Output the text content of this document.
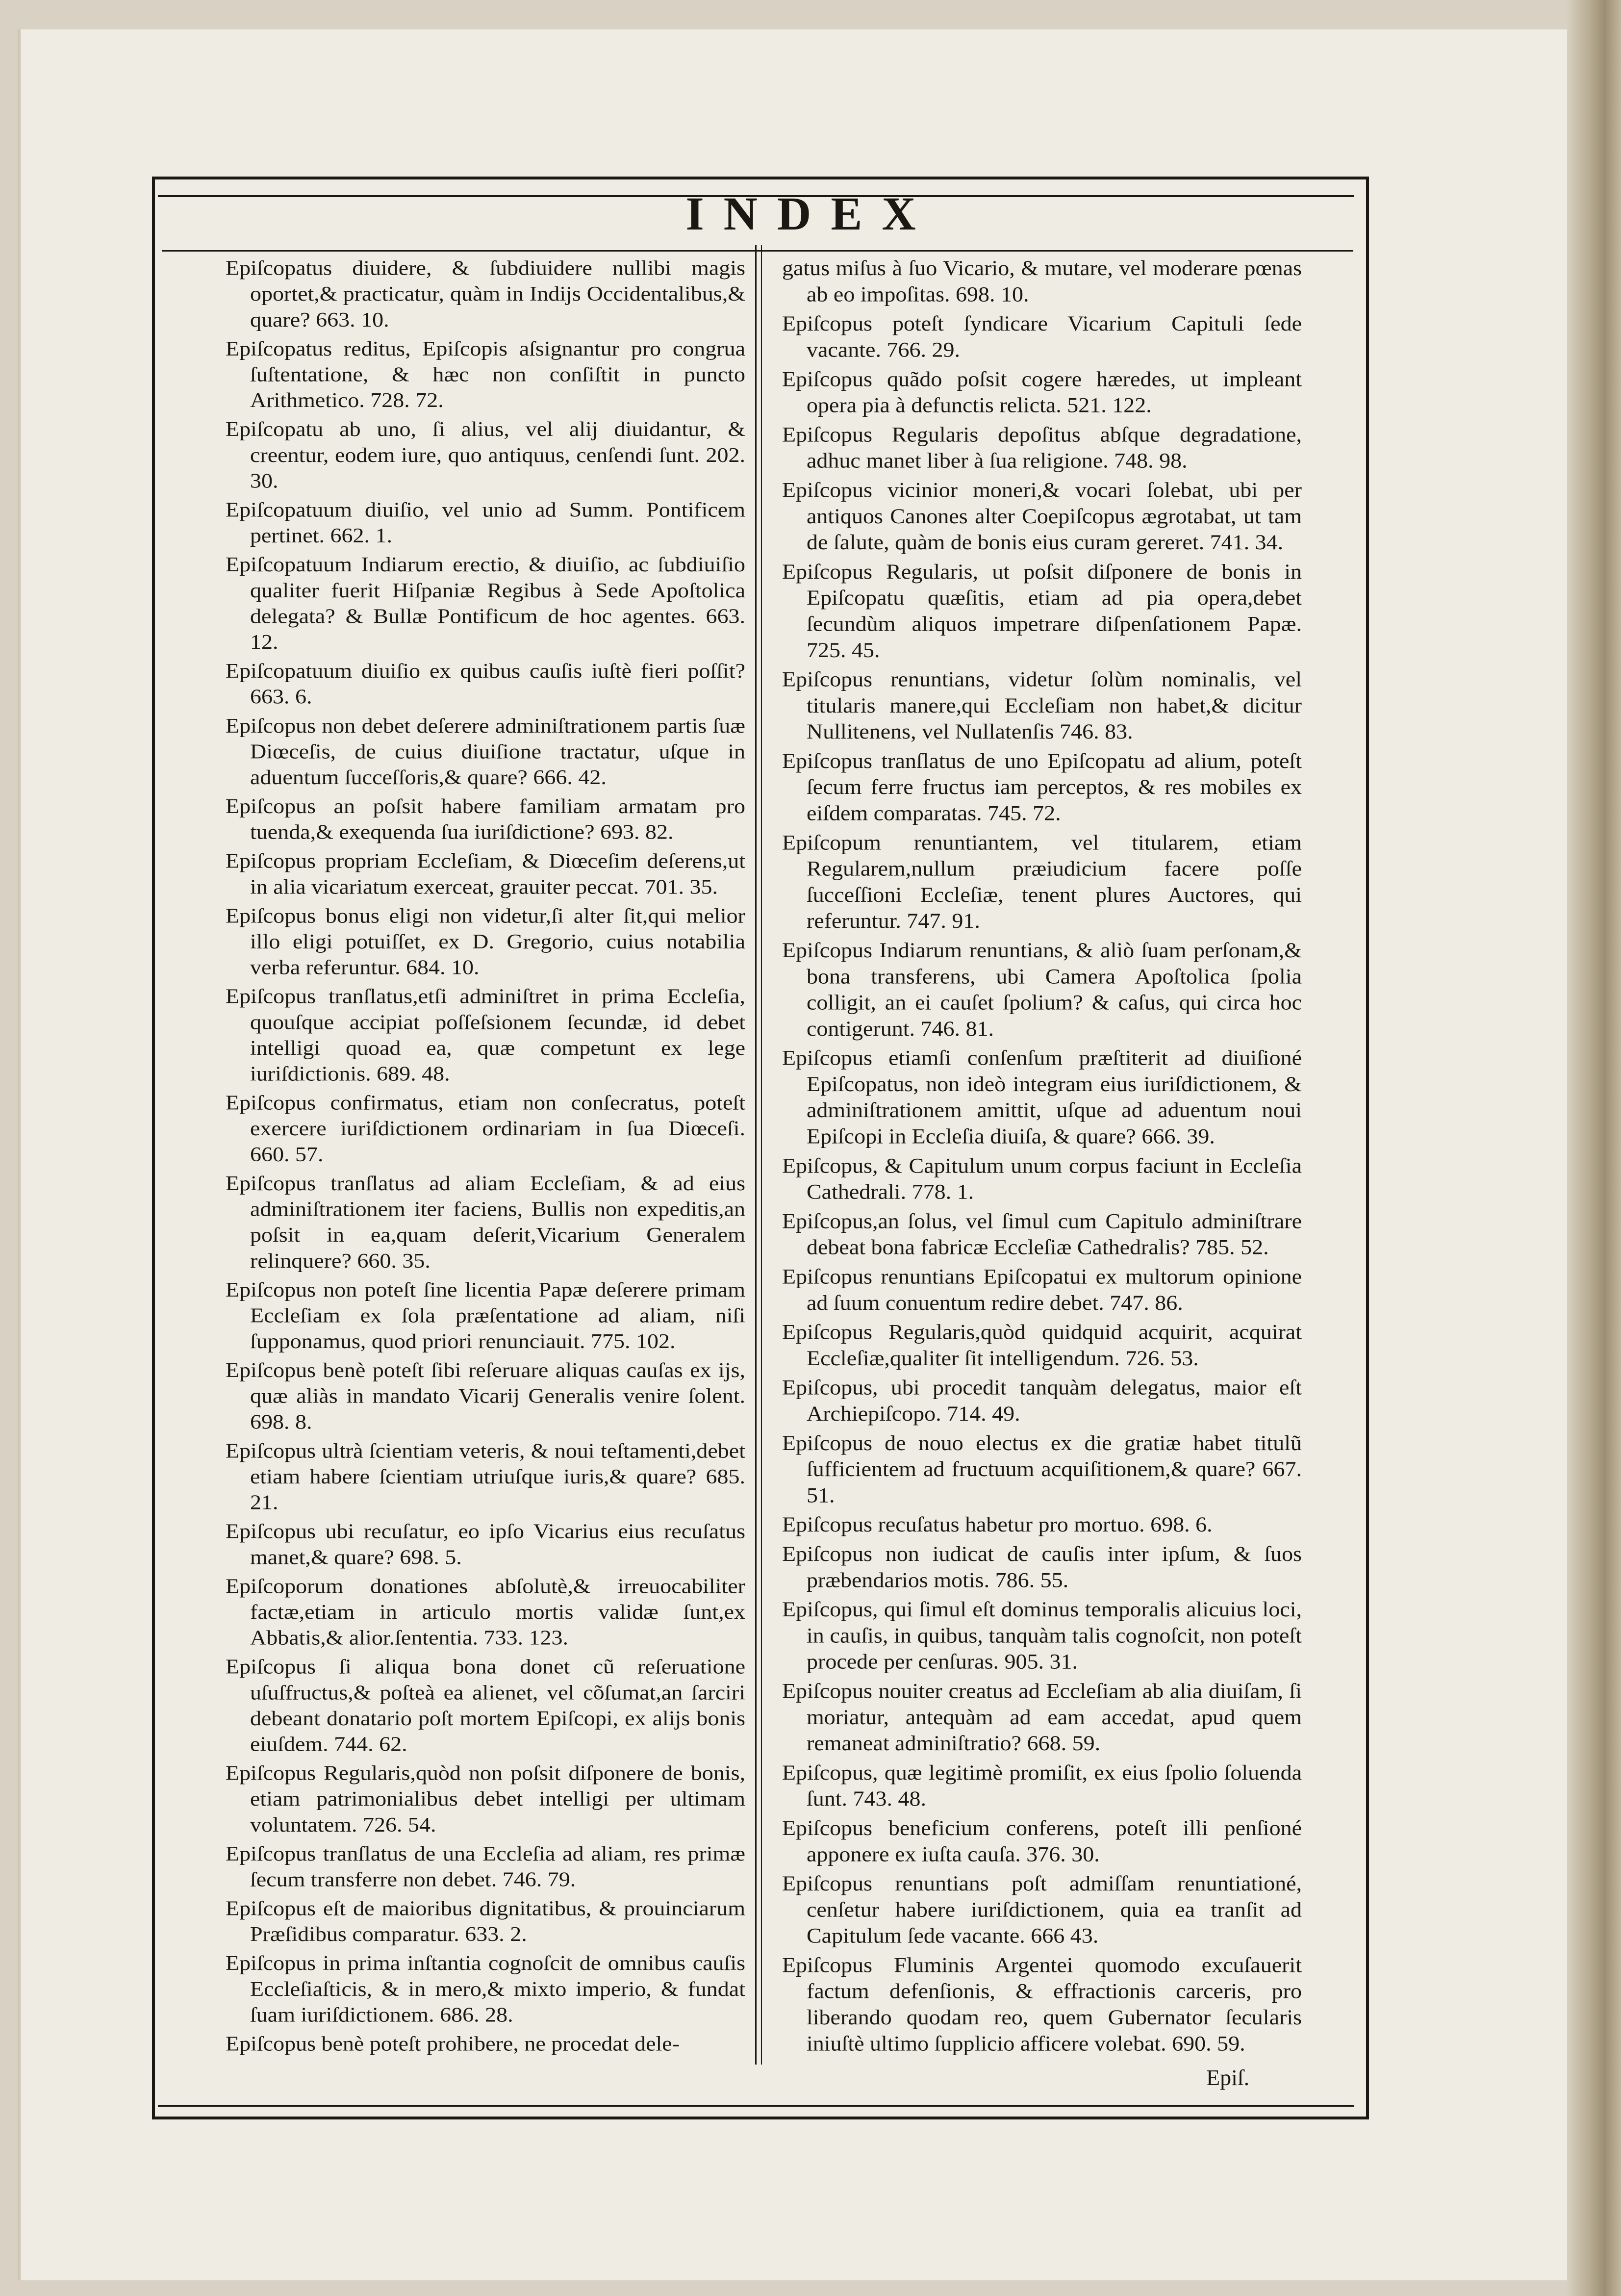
INDEX
Epiſcopatus diuidere, & ſubdiuidere nullibi magis oportet,& practicatur, quàm in Indijs Occidentalibus,& quare? 663. 10.
Epiſcopatus reditus, Epiſcopis aſsignantur pro congrua ſuſtentatione, & hæc non conſiſtit in puncto Arithmetico. 728. 72.
Epiſcopatu ab uno, ſi alius, vel alij diuidantur, & creentur, eodem iure, quo antiquus, cenſendi ſunt. 202. 30.
Epiſcopatuum diuiſio, vel unio ad Summ. Pontificem pertinet. 662. 1.
Epiſcopatuum Indiarum erectio, & diuiſio, ac ſubdiuiſio qualiter fuerit Hiſpaniæ Regibus à Sede Apoſtolica delegata? & Bullæ Pontificum de hoc agentes. 663. 12.
Epiſcopatuum diuiſio ex quibus cauſis iuſtè fieri poſſit? 663. 6.
Epiſcopus non debet deſerere adminiſtrationem partis ſuæ Diœceſis, de cuius diuiſione tractatur, uſque in aduentum ſucceſſoris,& quare? 666. 42.
Epiſcopus an poſsit habere familiam armatam pro tuenda,& exequenda ſua iuriſdictione? 693. 82.
Epiſcopus propriam Eccleſiam, & Diœceſim deſerens,ut in alia vicariatum exerceat, grauiter peccat. 701. 35.
Epiſcopus bonus eligi non videtur,ſi alter ſit,qui melior illo eligi potuiſſet, ex D. Gregorio, cuius notabilia verba referuntur. 684. 10.
Epiſcopus tranſlatus,etſi adminiſtret in prima Eccleſia, quouſque accipiat poſſeſsionem ſecundæ, id debet intelligi quoad ea, quæ competunt ex lege iuriſdictionis. 689. 48.
Epiſcopus confirmatus, etiam non conſecratus, poteſt exercere iuriſdictionem ordinariam in ſua Diœceſi. 660. 57.
Epiſcopus tranſlatus ad aliam Eccleſiam, & ad eius adminiſtrationem iter faciens, Bullis non expeditis,an poſsit in ea,quam deſerit,Vicarium Generalem relinquere? 660. 35.
Epiſcopus non poteſt ſine licentia Papæ deſerere primam Eccleſiam ex ſola præſentatione ad aliam, niſi ſupponamus, quod priori renunciauit. 775. 102.
Epiſcopus benè poteſt ſibi reſeruare aliquas cauſas ex ijs, quæ aliàs in mandato Vicarij Generalis venire ſolent. 698. 8.
Epiſcopus ultrà ſcientiam veteris, & noui teſtamenti,debet etiam habere ſcientiam utriuſque iuris,& quare? 685. 21.
Epiſcopus ubi recuſatur, eo ipſo Vicarius eius recuſatus manet,& quare? 698. 5.
Epiſcoporum donationes abſolutè,& irreuocabiliter factæ,etiam in articulo mortis validæ ſunt,ex Abbatis,& alior.ſententia. 733. 123.
Epiſcopus ſi aliqua bona donet cũ reſeruatione uſuſfructus,& poſteà ea alienet, vel cõſumat,an ſarciri debeant donatario poſt mortem Epiſcopi, ex alijs bonis eiuſdem. 744. 62.
Epiſcopus Regularis,quòd non poſsit diſponere de bonis, etiam patrimonialibus debet intelligi per ultimam voluntatem. 726. 54.
Epiſcopus tranſlatus de una Eccleſia ad aliam, res primæ ſecum transferre non debet. 746. 79.
Epiſcopus eſt de maioribus dignitatibus, & prouinciarum Præſidibus comparatur. 633. 2.
Epiſcopus in prima inſtantia cognoſcit de omnibus cauſis Eccleſiaſticis, & in mero,& mixto imperio, & fundat ſuam iuriſdictionem. 686. 28.
Epiſcopus benè poteſt prohibere, ne procedat dele-
gatus miſus à ſuo Vicario, & mutare, vel moderare pœnas ab eo impoſitas. 698. 10.
Epiſcopus poteſt ſyndicare Vicarium Capituli ſede vacante. 766. 29.
Epiſcopus quãdo poſsit cogere hæredes, ut impleant opera pia à defunctis relicta. 521. 122.
Epiſcopus Regularis depoſitus abſque degradatione, adhuc manet liber à ſua religione. 748. 98.
Epiſcopus vicinior moneri,& vocari ſolebat, ubi per antiquos Canones alter Coepiſcopus ægrotabat, ut tam de ſalute, quàm de bonis eius curam gereret. 741. 34.
Epiſcopus Regularis, ut poſsit diſponere de bonis in Epiſcopatu quæſitis, etiam ad pia opera,debet ſecundùm aliquos impetrare diſpenſationem Papæ. 725. 45.
Epiſcopus renuntians, videtur ſolùm nominalis, vel titularis manere,qui Eccleſiam non habet,& dicitur Nullitenens, vel Nullatenſis 746. 83.
Epiſcopus tranſlatus de uno Epiſcopatu ad alium, poteſt ſecum ferre fructus iam perceptos, & res mobiles ex eiſdem comparatas. 745. 72.
Epiſcopum renuntiantem, vel titularem, etiam Regularem,nullum præiudicium facere poſſe ſucceſſioni Eccleſiæ, tenent plures Auctores, qui referuntur. 747. 91.
Epiſcopus Indiarum renuntians, & aliò ſuam perſonam,& bona transferens, ubi Camera Apoſtolica ſpolia colligit, an ei cauſet ſpolium? & caſus, qui circa hoc contigerunt. 746. 81.
Epiſcopus etiamſi conſenſum præſtiterit ad diuiſioné Epiſcopatus, non ideò integram eius iuriſdictionem, & adminiſtrationem amittit, uſque ad aduentum noui Epiſcopi in Eccleſia diuiſa, & quare? 666. 39.
Epiſcopus, & Capitulum unum corpus faciunt in Eccleſia Cathedrali. 778. 1.
Epiſcopus,an ſolus, vel ſimul cum Capitulo adminiſtrare debeat bona fabricæ Eccleſiæ Cathedralis? 785. 52.
Epiſcopus renuntians Epiſcopatui ex multorum opinione ad ſuum conuentum redire debet. 747. 86.
Epiſcopus Regularis,quòd quidquid acquirit, acquirat Eccleſiæ,qualiter ſit intelligendum. 726. 53.
Epiſcopus, ubi procedit tanquàm delegatus, maior eſt Archiepiſcopo. 714. 49.
Epiſcopus de nouo electus ex die gratiæ habet titulũ ſufficientem ad fructuum acquiſitionem,& quare? 667. 51.
Epiſcopus recuſatus habetur pro mortuo. 698. 6.
Epiſcopus non iudicat de cauſis inter ipſum, & ſuos præbendarios motis. 786. 55.
Epiſcopus, qui ſimul eſt dominus temporalis alicuius loci, in cauſis, in quibus, tanquàm talis cognoſcit, non poteſt procede per cenſuras. 905. 31.
Epiſcopus nouiter creatus ad Eccleſiam ab alia diuiſam, ſi moriatur, antequàm ad eam accedat, apud quem remaneat adminiſtratio? 668. 59.
Epiſcopus, quæ legitimè promiſit, ex eius ſpolio ſoluenda ſunt. 743. 48.
Epiſcopus beneficium conferens, poteſt illi penſioné apponere ex iuſta cauſa. 376. 30.
Epiſcopus renuntians poſt admiſſam renuntiationé, cenſetur habere iuriſdictionem, quia ea tranſit ad Capitulum ſede vacante. 666 43.
Epiſcopus Fluminis Argentei quomodo excuſauerit factum defenſionis, & effractionis carceris, pro liberando quodam reo, quem Gubernator ſecularis iniuſtè ultimo ſupplicio afficere volebat. 690. 59.
Epiſ.
